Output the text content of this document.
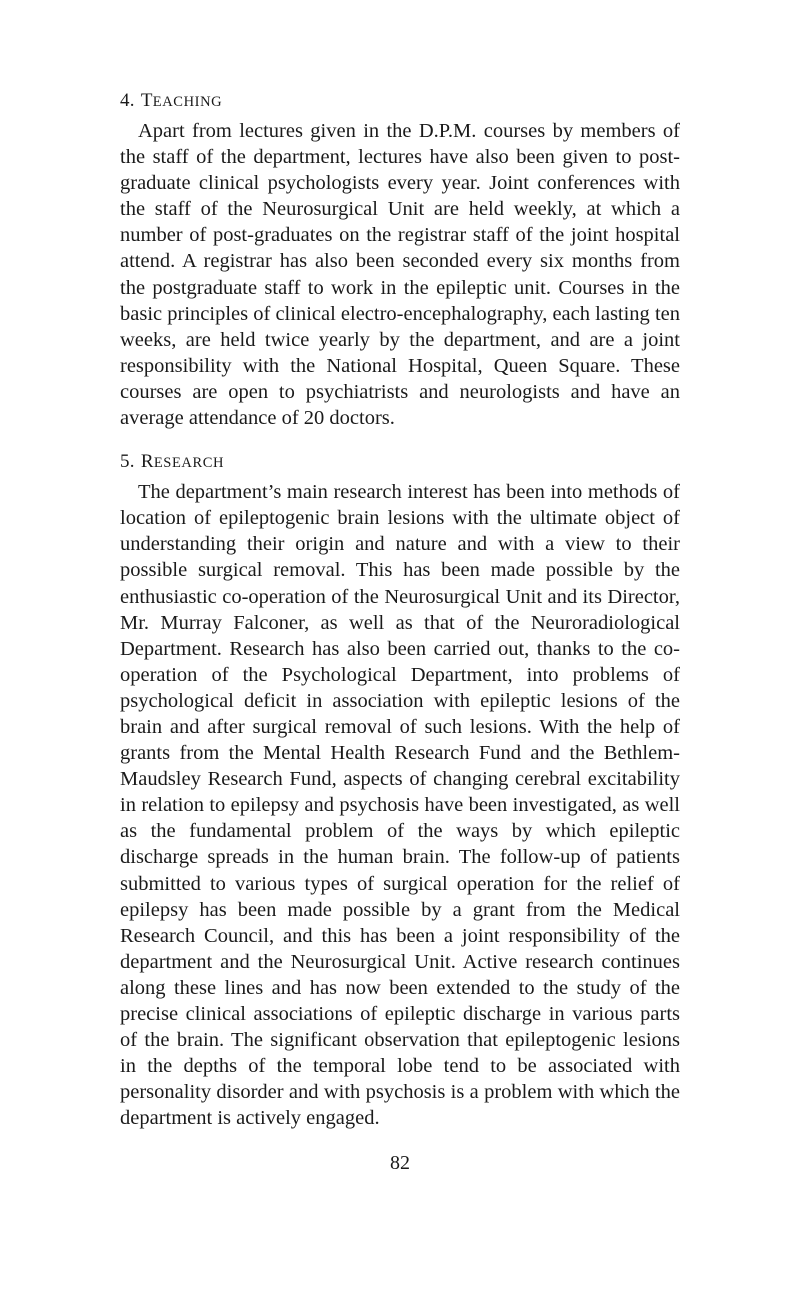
4. TEACHING

Apart from lectures given in the D.P.M. courses by members of the staff of the department, lectures have also been given to post-graduate clinical psychologists every year. Joint conferences with the staff of the Neurosurgical Unit are held weekly, at which a number of post-graduates on the registrar staff of the joint hospital attend. A registrar has also been seconded every six months from the postgraduate staff to work in the epileptic unit. Courses in the basic principles of clinical electro-encephalography, each lasting ten weeks, are held twice yearly by the department, and are a joint responsibility with the National Hospital, Queen Square. These courses are open to psychiatrists and neurologists and have an average attendance of 20 doctors.

5. RESEARCH

The department’s main research interest has been into methods of location of epileptogenic brain lesions with the ultimate object of understanding their origin and nature and with a view to their possible surgical removal. This has been made possible by the enthusiastic co-operation of the Neurosurgical Unit and its Director, Mr. Murray Falconer, as well as that of the Neuroradiological Department. Research has also been carried out, thanks to the co-operation of the Psychological Department, into problems of psychological deficit in association with epileptic lesions of the brain and after surgical removal of such lesions. With the help of grants from the Mental Health Research Fund and the Bethlem-Maudsley Research Fund, aspects of changing cerebral excitability in relation to epilepsy and psychosis have been investigated, as well as the fundamental problem of the ways by which epileptic discharge spreads in the human brain. The follow-up of patients submitted to various types of surgical operation for the relief of epilepsy has been made possible by a grant from the Medical Research Council, and this has been a joint responsibility of the department and the Neurosurgical Unit. Active research continues along these lines and has now been extended to the study of the precise clinical associations of epileptic discharge in various parts of the brain. The significant observation that epileptogenic lesions in the depths of the temporal lobe tend to be associated with personality disorder and with psychosis is a problem with which the department is actively engaged.

82
